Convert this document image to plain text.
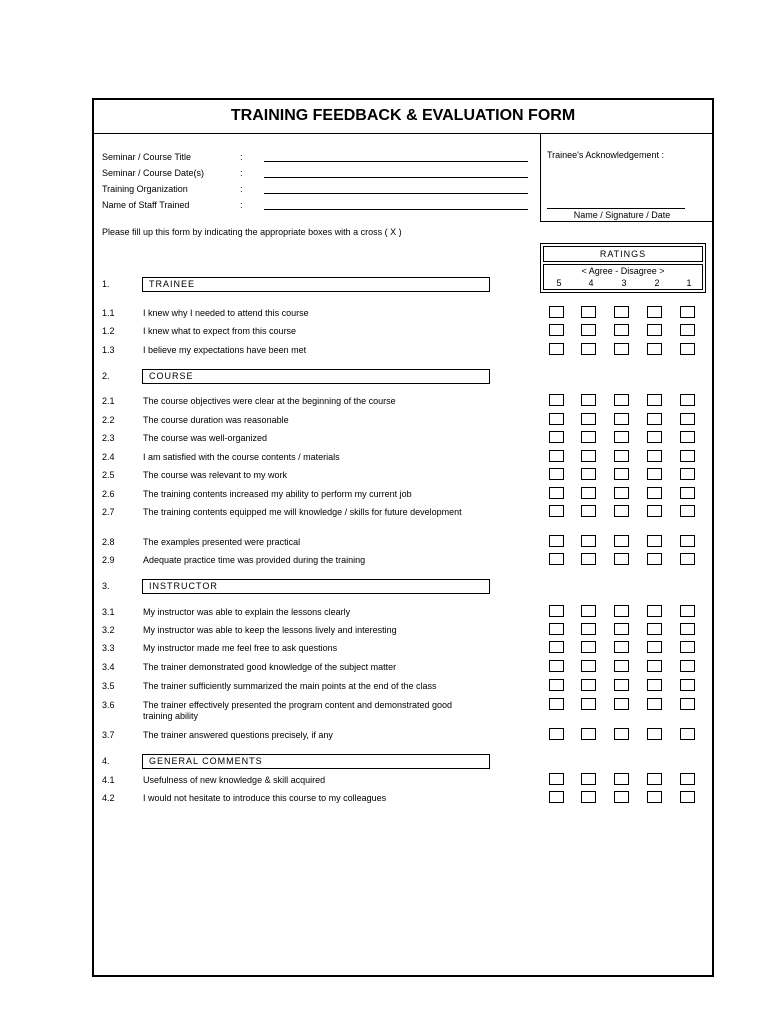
TRAINING FEEDBACK & EVALUATION FORM
Seminar / Course Title	:
Seminar / Course Date(s)	:
Training Organization	:
Name of Staff Trained	:
Trainee's Acknowledgement :
Name / Signature / Date
Please fill up this form by indicating the appropriate boxes with a cross ( X )
RATINGS
< Agree - Disagree >
5	4	3	2	1
1.	TRAINEE
1.1	I knew why I needed to attend this course
1.2	I knew what to expect from this course
1.3	I believe my expectations have been met
2.	COURSE
2.1	The course objectives were clear at the beginning of the course
2.2	The course duration was reasonable
2.3	The course was well-organized
2.4	I am satisfied with the course contents / materials
2.5	The course was relevant to my work
2.6	The training contents increased my ability to perform my current job
2.7	The training contents equipped me will knowledge / skills for future development
2.8	The examples presented were practical
2.9	Adequate practice time was provided during the training
3.	INSTRUCTOR
3.1	My instructor was able to explain the lessons clearly
3.2	My instructor was able to keep the lessons lively and interesting
3.3	My instructor made me feel free to ask questions
3.4	The trainer demonstrated good knowledge of the subject matter
3.5	The trainer sufficiently summarized the main points at the end of the class
3.6	The trainer effectively presented the program content and demonstrated good training ability
3.7	The trainer answered questions precisely, if any
4.	GENERAL COMMENTS
4.1	Usefulness of new knowledge & skill acquired
4.2	I would not hesitate to introduce this course to my colleagues
